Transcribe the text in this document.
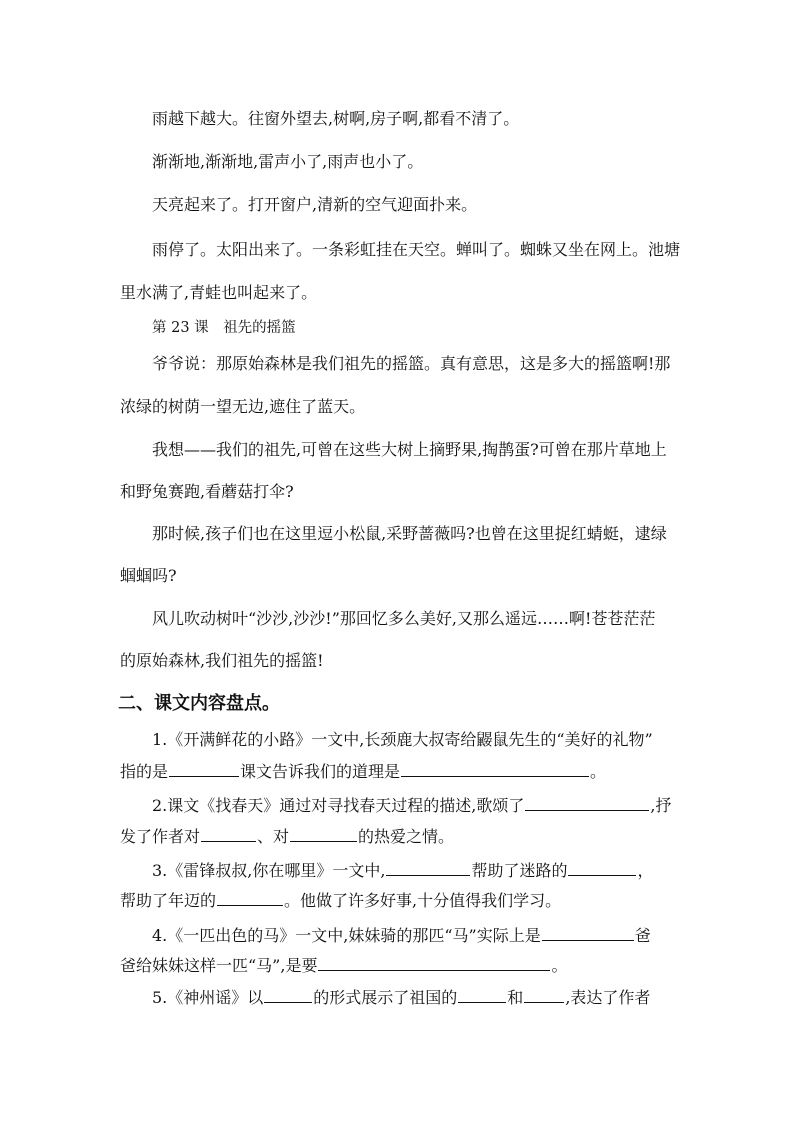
雨越下越大。往窗外望去,树啊,房子啊,都看不清了。
渐渐地,渐渐地,雷声小了,雨声也小了。
天亮起来了。打开窗户,清新的空气迎面扑来。
雨停了。太阳出来了。一条彩虹挂在天空。蝉叫了。蜘蛛又坐在网上。池塘
里水满了,青蛙也叫起来了。
第 23 课　祖先的摇篮
爷爷说：那原始森林是我们祖先的摇篮。真有意思，这是多大的摇篮啊!那
浓绿的树荫一望无边,遮住了蓝天。
我想——我们的祖先,可曾在这些大树上摘野果,掏鹊蛋?可曾在那片草地上
和野兔赛跑,看蘑菇打伞?
那时候,孩子们也在这里逗小松鼠,采野蔷薇吗?也曾在这里捉红蜻蜓，逮绿
蝈蝈吗?
风儿吹动树叶“沙沙,沙沙!”那回忆多么美好,又那么遥远……啊!苍苍茫茫
的原始森林,我们祖先的摇篮!
二、课文内容盘点。
1.《开满鲜花的小路》一文中,长颈鹿大叔寄给鼹鼠先生的“美好的礼物”
指的是	课文告诉我们的道理是	。
2.课文《找春天》通过对寻找春天过程的描述,歌颂了	,抒
发了作者对	、对	的热爱之情。
3.《雷锋叔叔,你在哪里》一文中,	帮助了迷路的	，
帮助了年迈的	。他做了许多好事,十分值得我们学习。
4.《一匹出色的马》一文中,妹妹骑的那匹“马”实际上是	爸
爸给妹妹这样一匹“马”,是要	。
5.《神州谣》以	的形式展示了祖国的	和	,表达了作者
